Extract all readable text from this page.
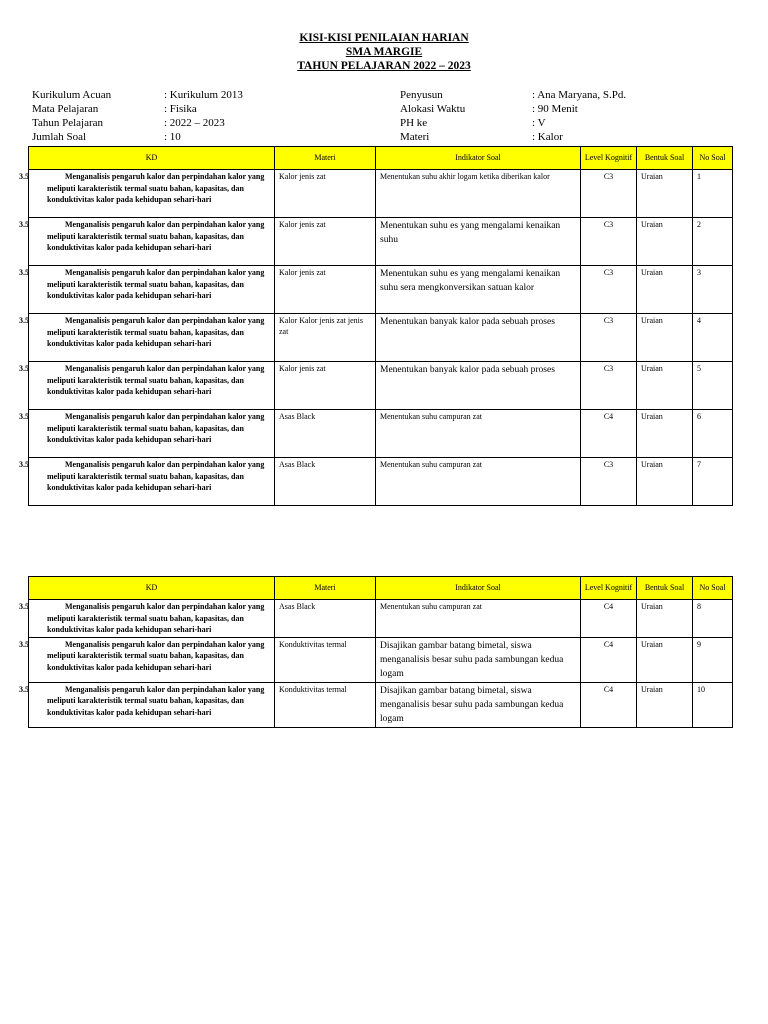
KISI-KISI PENILAIAN HARIAN
SMA MARGIE
TAHUN PELAJARAN 2022 – 2023
Kurikulum Acuan	: Kurikulum 2013
Mata Pelajaran	: Fisika
Tahun Pelajaran	: 2022 – 2023
Jumlah Soal	: 10
Penyusun	: Ana Maryana, S.Pd.
Alokasi Waktu	: 90 Menit
PH ke	: V
Materi	: Kalor
KD	Materi	Indikator Soal	Level Kognitif	Bentuk Soal	No Soal

3.5 Menganalisis pengaruh kalor dan perpindahan kalor yang meliputi karakteristik termal suatu bahan, kapasitas, dan konduktivitas kalor pada kehidupan sehari-hari	Kalor jenis zat	Menentukan suhu akhir logam ketika diberikan kalor	C3	Uraian	1

3.5 Menganalisis pengaruh kalor dan perpindahan kalor yang meliputi karakteristik termal suatu bahan, kapasitas, dan konduktivitas kalor pada kehidupan sehari-hari	Kalor jenis zat	Menentukan suhu es yang mengalami kenaikan suhu	C3	Uraian	2

3.5 Menganalisis pengaruh kalor dan perpindahan kalor yang meliputi karakteristik termal suatu bahan, kapasitas, dan konduktivitas kalor pada kehidupan sehari-hari	Kalor jenis zat	Menentukan suhu es yang mengalami kenaikan suhu sera mengkonversikan satuan kalor	C3	Uraian	3

3.5 Menganalisis pengaruh kalor dan perpindahan kalor yang meliputi karakteristik termal suatu bahan, kapasitas, dan konduktivitas kalor pada kehidupan sehari-hari	Kalor Kalor jenis zat jenis zat	Menentukan banyak kalor pada sebuah proses	C3	Uraian	4

3.5 Menganalisis pengaruh kalor dan perpindahan kalor yang meliputi karakteristik termal suatu bahan, kapasitas, dan konduktivitas kalor pada kehidupan sehari-hari	Kalor jenis zat	Menentukan banyak kalor pada sebuah proses	C3	Uraian	5

3.5 Menganalisis pengaruh kalor dan perpindahan kalor yang meliputi karakteristik termal suatu bahan, kapasitas, dan konduktivitas kalor pada kehidupan sehari-hari	Asas Black	Menentukan suhu campuran zat	C4	Uraian	6

3.5 Menganalisis pengaruh kalor dan perpindahan kalor yang meliputi karakteristik termal suatu bahan, kapasitas, dan konduktivitas kalor pada kehidupan sehari-hari	Asas Black	Menentukan suhu campuran zat	C3	Uraian	7
KD	Materi	Indikator Soal	Level Kognitif	Bentuk Soal	No Soal

3.5 Menganalisis pengaruh kalor dan perpindahan kalor yang meliputi karakteristik termal suatu bahan, kapasitas, dan konduktivitas kalor pada kehidupan sehari-hari	Asas Black	Menentukan suhu campuran zat	C4	Uraian	8

3.5 Menganalisis pengaruh kalor dan perpindahan kalor yang meliputi karakteristik termal suatu bahan, kapasitas, dan konduktivitas kalor pada kehidupan sehari-hari	Konduktivitas termal	Disajikan gambar batang bimetal, siswa menganalisis besar suhu pada sambungan kedua logam	C4	Uraian	9

3.5 Menganalisis pengaruh kalor dan perpindahan kalor yang meliputi karakteristik termal suatu bahan, kapasitas, dan konduktivitas kalor pada kehidupan sehari-hari	Konduktivitas termal	Disajikan gambar batang bimetal, siswa menganalisis besar suhu pada sambungan kedua logam	C4	Uraian	10
